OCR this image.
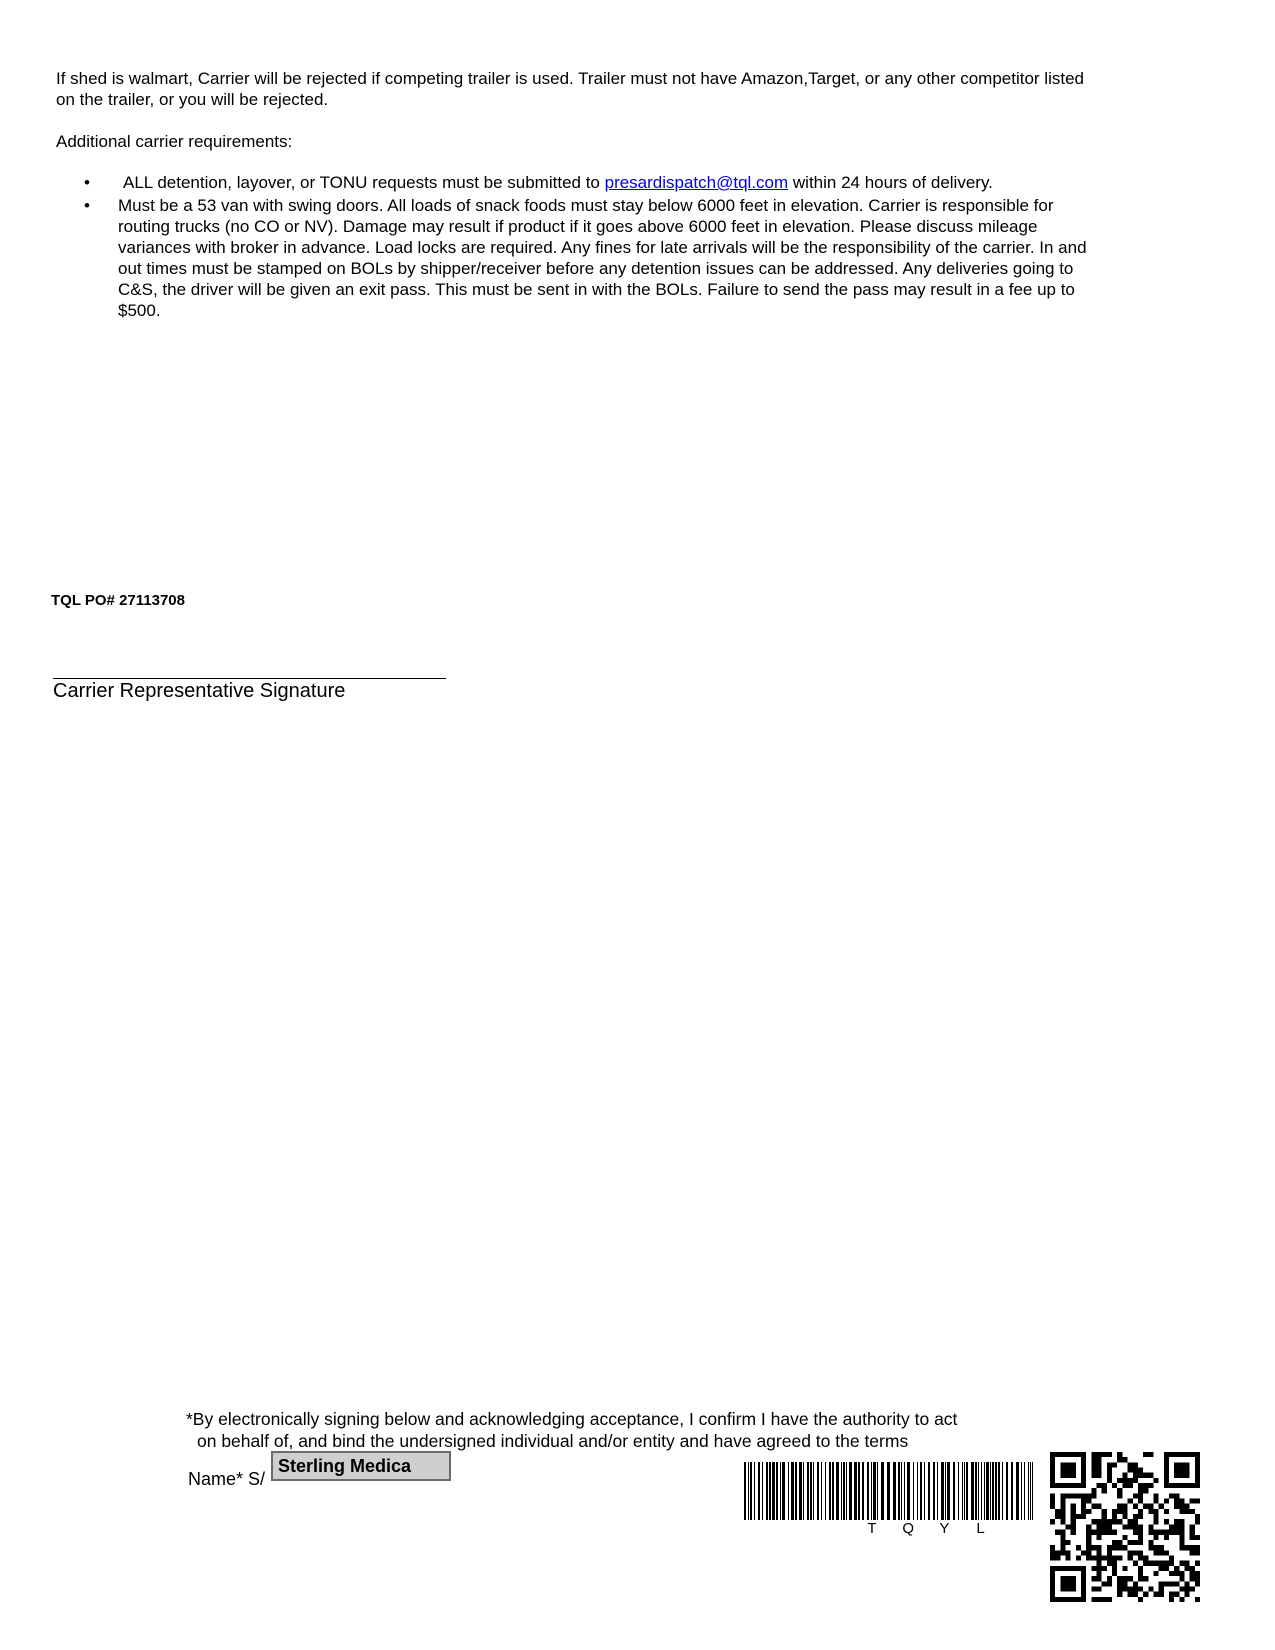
If shed is walmart, Carrier will be rejected if competing trailer is used. Trailer must not have Amazon,Target, or any other competitor listed
on the trailer, or you will be rejected.
Additional carrier requirements:
• ALL detention, layover, or TONU requests must be submitted to presardispatch@tql.com within 24 hours of delivery.
• Must be a 53 van with swing doors. All loads of snack foods must stay below 6000 feet in elevation. Carrier is responsible for
routing trucks (no CO or NV). Damage may result if product if it goes above 6000 feet in elevation. Please discuss mileage
variances with broker in advance. Load locks are required. Any fines for late arrivals will be the responsibility of the carrier. In and
out times must be stamped on BOLs by shipper/receiver before any detention issues can be addressed. Any deliveries going to
C&S, the driver will be given an exit pass. This must be sent in with the BOLs. Failure to send the pass may result in a fee up to
$500.
TQL PO# 27113708
Carrier Representative Signature
*By electronically signing below and acknowledging acceptance, I confirm I have the authority to act
on behalf of, and bind the undersigned individual and/or entity and have agreed to the terms
Name* S/
Sterling Medica
T Q Y L
